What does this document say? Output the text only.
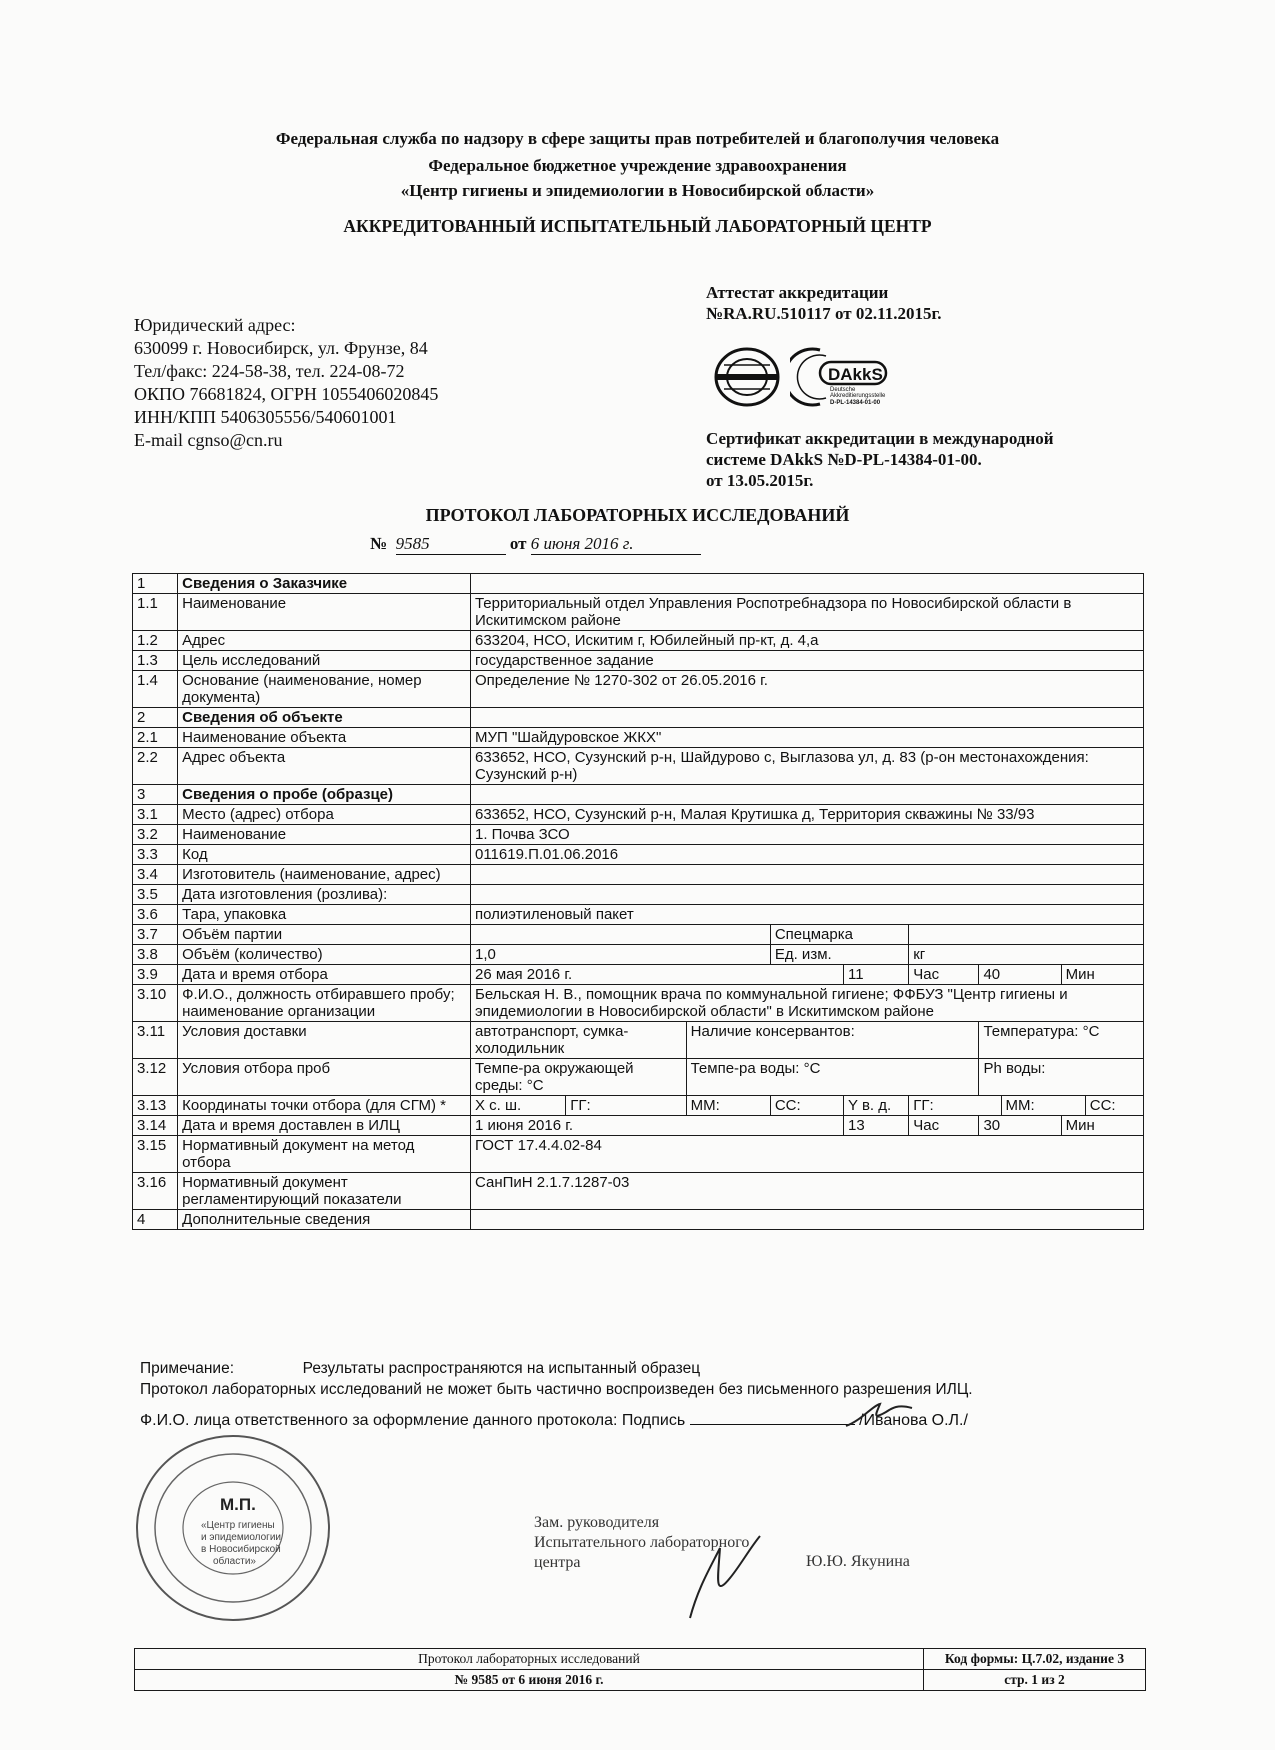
Федеральная служба по надзору в сфере защиты прав потребителей и благополучия человека
Федеральное бюджетное учреждение здравоохранения
«Центр гигиены и эпидемиологии в Новосибирской области»
АККРЕДИТОВАННЫЙ ИСПЫТАТЕЛЬНЫЙ ЛАБОРАТОРНЫЙ ЦЕНТР
Юридический адрес:
630099 г. Новосибирск, ул. Фрунзе, 84
Тел/факс: 224-58-38, тел. 224-08-72
ОКПО 76681824, ОГРН 1055406020845
ИНН/КПП 5406305556/540601001
E-mail cgnso@cn.ru
Аттестат аккредитации
№RA.RU.510117 от 02.11.2015г.
DAkkS
Deutsche
Akkreditierungsstelle
D-PL-14384-01-00
Сертификат аккредитации в международной
системе DAkkS №D-PL-14384-01-00.
от 13.05.2015г.
ПРОТОКОЛ ЛАБОРАТОРНЫХ ИССЛЕДОВАНИЙ
№ 9585	от 6 июня 2016 г.
1	Сведения о Заказчике										
1.1	Наименование	Территориальный отдел Управления Роспотребнадзора по Новосибирской области в Искитимском районе									
1.2	Адрес	633204, НСО, Искитим г, Юбилейный пр-кт, д. 4,а									
1.3	Цель исследований	государственное задание									
1.4	Основание (наименование, номер документа)	Определение № 1270-302 от 26.05.2016 г.									
2	Сведения об объекте										
2.1	Наименование объекта	МУП "Шайдуровское ЖКХ"									
2.2	Адрес объекта	633652, НСО, Сузунский р-н, Шайдурово с, Выглазова ул, д. 83 (р-он местонахождения: Сузунский р-н)									
3	Сведения о пробе (образце)										
3.1	Место (адрес) отбора	633652, НСО, Сузунский р-н, Малая Крутишка д, Территория скважины № 33/93									
3.2	Наименование	1. Почва ЗСО									
3.3	Код	011619.П.01.06.2016									
3.4	Изготовитель (наименование, адрес)										
3.5	Дата изготовления (розлива):										
3.6	Тара, упаковка	полиэтиленовый пакет									
3.7	Объём партии				Спецмарка						
3.8	Объём (количество)	1,0			Ед. изм.		кг				
3.9	Дата и время отбора	26 мая 2016 г.				11	Час	40		Мин	
3.10	Ф.И.О., должность отбиравшего пробу; наименование организации	Бельская Н. В., помощник врача по коммунальной гигиене; ФФБУЗ "Центр гигиены и эпидемиологии в Новосибирской области" в Искитимском районе									
3.11	Условия доставки	автотранспорт, сумка-холодильник		Наличие консервантов:				Температура: °С			
3.12	Условия отбора проб	Темпе-ра окружающей среды: °С		Темпе-ра воды: °С				Ph воды:			
3.13	Координаты точки отбора (для СГМ) *	X с. ш.	ГГ:	ММ:	СС:	Y в. д.	ГГ:		ММ:		СС:
3.14	Дата и время доставлен в ИЛЦ	1 июня 2016 г.				13	Час	30		Мин	
3.15	Нормативный документ на метод отбора	ГОСТ 17.4.4.02-84									
3.16	Нормативный документ регламентирующий показатели	СанПиН 2.1.7.1287-03									
4	Дополнительные сведения										
Примечание:	Результаты распространяются на испытанный образец
Протокол лабораторных исследований не может быть частично воспроизведен без письменного разрешения ИЛЦ.
Ф.И.О. лица ответственного за оформление данного протокола: Подпись	/Иванова О.Л./
М.П.
«Центр гигиены
и эпидемиологии
в Новосибирской
области»
Зам. руководителя
Испытательного лабораторного
центра	Ю.Ю. Якунина
Протокол лабораторных исследований	Код формы: Ц.7.02, издание 3
№ 9585 от 6 июня 2016 г.	стр. 1 из 2
